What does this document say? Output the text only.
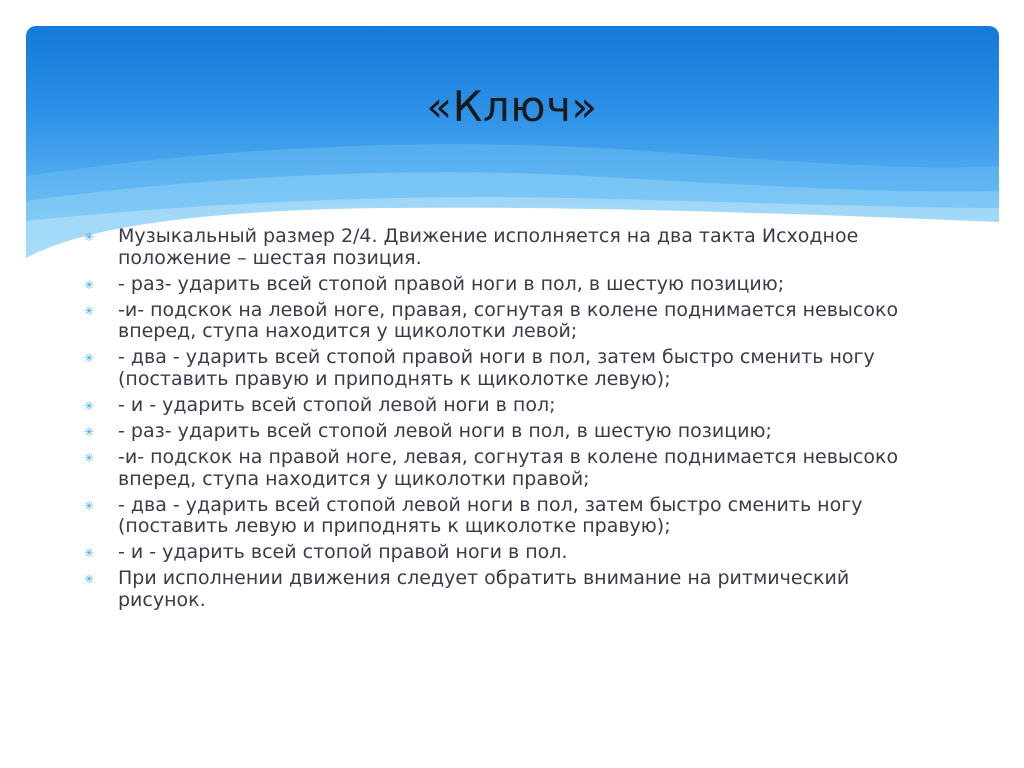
«Ключ»
✳ Музыкальный размер 2/4. Движение исполняется на два такта Исходное положение – шестая позиция.
✳ - раз- ударить всей стопой правой ноги в пол, в шестую позицию;
✳ -и- подскок на левой ноге, правая, согнутая в колене поднимается невысоко вперед, ступа находится у щиколотки левой;
✳ - два - ударить всей стопой правой ноги в пол, затем быстро сменить ногу (поставить правую и приподнять к щиколотке левую);
✳ - и - ударить всей стопой левой ноги в пол;
✳ - раз- ударить всей стопой левой ноги в пол, в шестую позицию;
✳ -и- подскок на правой ноге, левая, согнутая в колене поднимается невысоко вперед, ступа находится у щиколотки правой;
✳ - два - ударить всей стопой левой ноги в пол, затем быстро сменить ногу (поставить левую и приподнять к щиколотке правую);
✳ - и - ударить всей стопой правой ноги в пол.
✳ При исполнении движения следует обратить внимание на ритмический рисунок.
